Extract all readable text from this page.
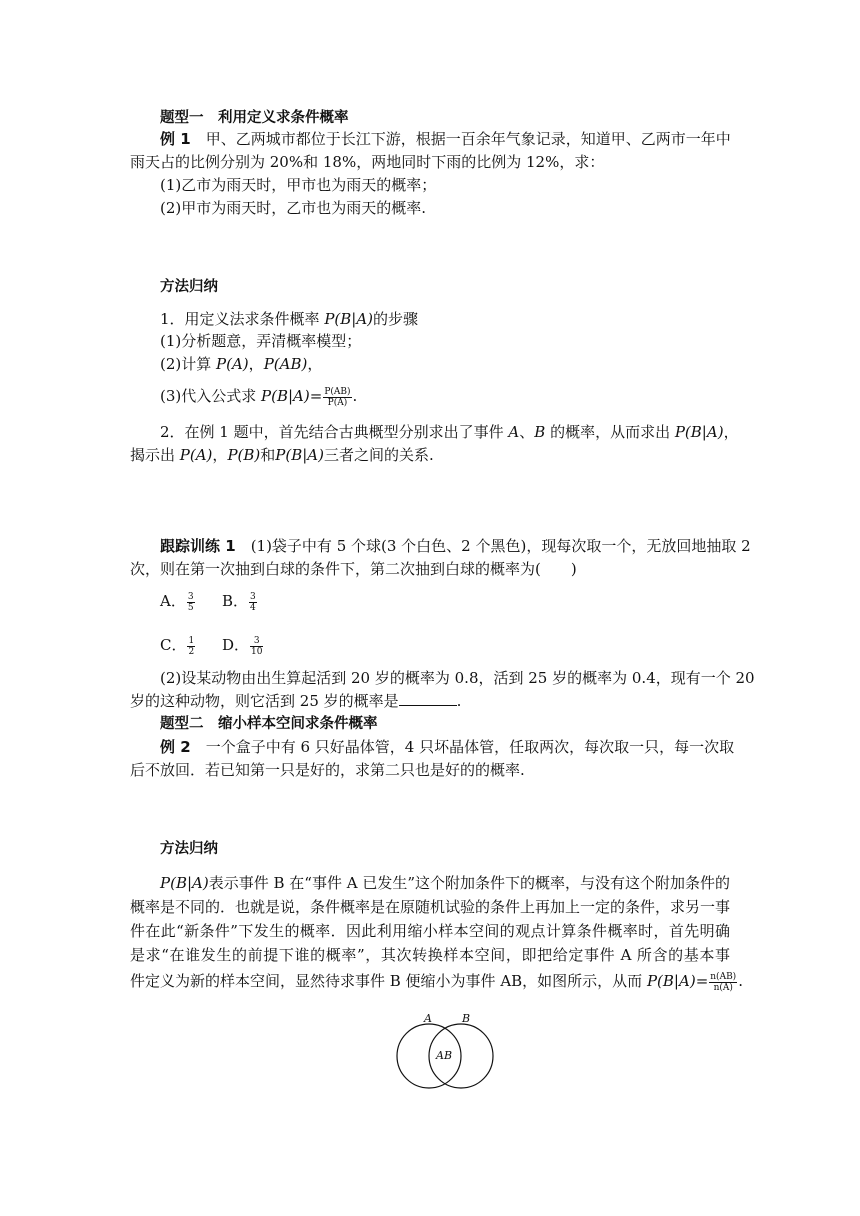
题型一　利用定义求条件概率
例 1　 甲、乙两城市都位于长江下游，根据一百余年气象记录，知道甲、乙两市一年中
雨天占的比例分别为 20%和 18%，两地同时下雨的比例为 12%，求：
(1)乙市为雨天时，甲市也为雨天的概率；
(2)甲市为雨天时，乙市也为雨天的概率.
方法归纳
1．用定义法求条件概率 P(B|A)的步骤
(1)分析题意，弄清概率模型；
(2)计算 P(A)，P(AB)，
(3)代入公式求 $P(B|A)= \frac{P(AB)}{P(A)}$ .
2．在例 1 题中，首先结合古典概型分别求出了事件 A、B 的概率，从而求出 P(B|A)，
揭示出 P(A)，P(B)和P(B|A)三者之间的关系.
跟踪训练 1　 (1)袋子中有 5 个球(3 个白色、2 个黑色)，现每次取一个，无放回地抽取 2
次，则在第一次抽到白球的条件下，第二次抽到白球的概率为(　　)
A． $\frac{3}{5}$ B． $\frac{3}{4}$
C． $\frac{1}{2}$ D． $\frac{3}{10}$
(2)设某动物由出生算起活到 20 岁的概率为 0.8，活到 25 岁的概率为 0.4，现有一个 20
岁的这种动物，则它活到 25 岁的概率是	.
题型二　缩小样本空间求条件概率
例 2　 一个盒子中有 6 只好晶体管，4 只坏晶体管，任取两次，每次取一只，每一次取
后不放回．若已知第一只是好的，求第二只也是好的的概率.
方法归纳
P(B|A)表示事件 B 在“事件 A 已发生”这个附加条件下的概率，与没有这个附加条件的
概率是不同的．也就是说，条件概率是在原随机试验的条件上再加上一定的条件，求另一事
件在此“新条件”下发生的概率．因此利用缩小样本空间的观点计算条件概率时，首先明确
是求“在谁发生的前提下谁的概率”，其次转换样本空间，即把给定事件 A 所含的基本事
件定义为新的样本空间，显然待求事件 B 便缩小为事件 AB，如图所示，从而 $P(B|A)= \frac{n(AB)}{n(A)}$ .
A	B
AB
